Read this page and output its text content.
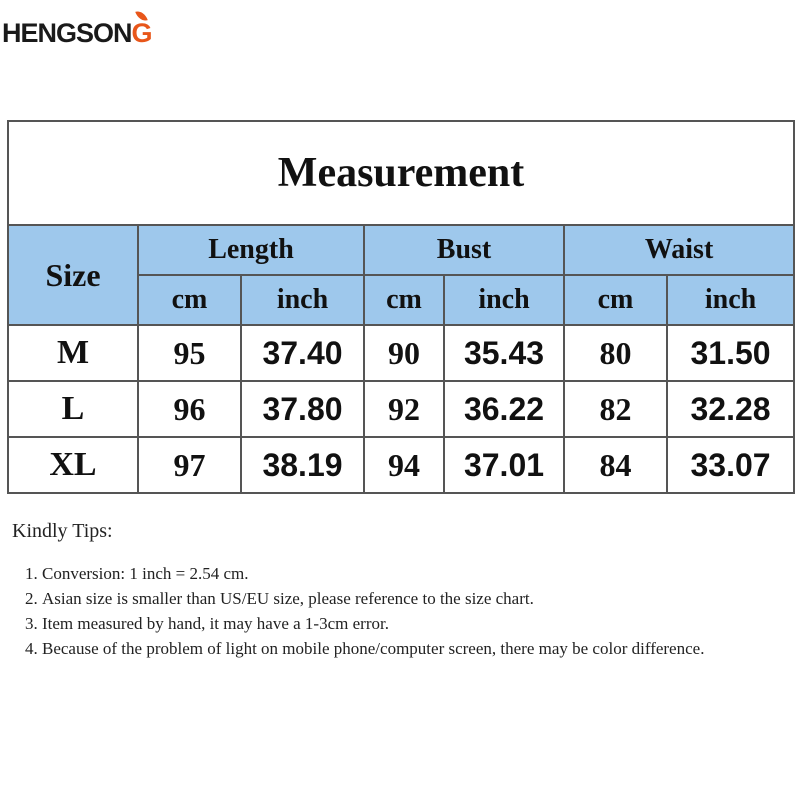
HENGSONG
Measurement						
Size	Length		Bust		Waist	
	cm	inch	cm	inch	cm	inch
M	95	37.40	90	35.43	80	31.50
L	96	37.80	92	36.22	82	32.28
XL	97	38.19	94	37.01	84	33.07

Kindly Tips:

1. Conversion: 1 inch = 2.54 cm.
2. Asian size is smaller than US/EU size, please reference to the size chart.
3. Item measured by hand, it may have a 1-3cm error.
4. Because of the problem of light on mobile phone/computer screen, there may be color difference.
